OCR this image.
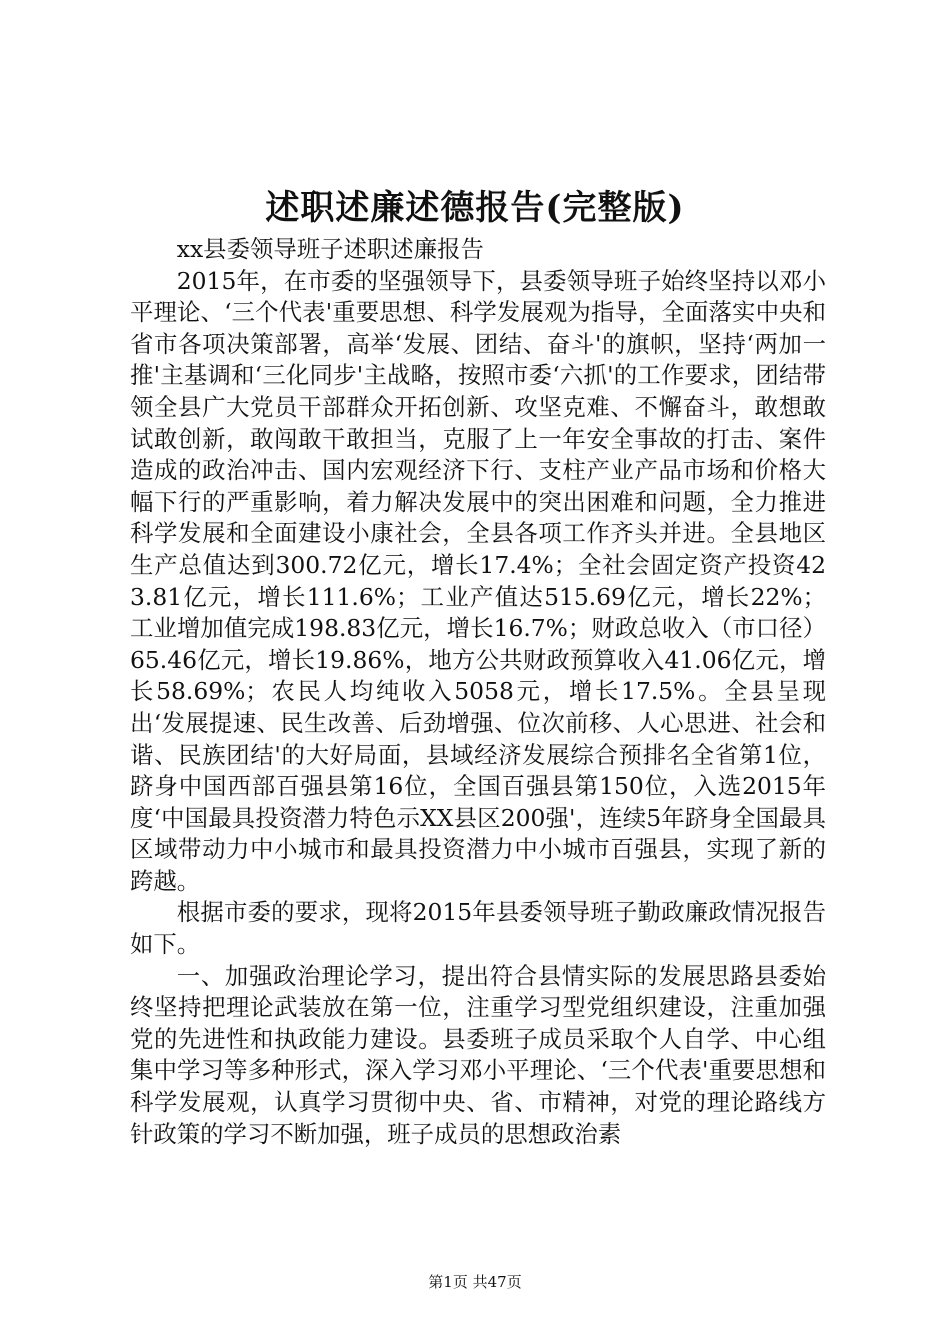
述职述廉述德报告(完整版)

xx县委领导班子述职述廉报告

2015年，在市委的坚强领导下，县委领导班子始终坚持以邓小平理论、‘三个代表'重要思想、科学发展观为指导，全面落实中央和省市各项决策部署，高举‘发展、团结、奋斗'的旗帜，坚持‘两加一推'主基调和‘三化同步'主战略，按照市委‘六抓'的工作要求，团结带领全县广大党员干部群众开拓创新、攻坚克难、不懈奋斗，敢想敢试敢创新，敢闯敢干敢担当，克服了上一年安全事故的打击、案件造成的政治冲击、国内宏观经济下行、支柱产业产品市场和价格大幅下行的严重影响，着力解决发展中的突出困难和问题，全力推进科学发展和全面建设小康社会，全县各项工作齐头并进。全县地区生产总值达到300.72亿元，增长17.4%；全社会固定资产投资423.81亿元，增长111.6%；工业产值达515.69亿元，增长22%；工业增加值完成198.83亿元，增长16.7%；财政总收入（市口径）65.46亿元，增长19.86%，地方公共财政预算收入41.06亿元，增长58.69%；农民人均纯收入5058元，增长17.5%。全县呈现出‘发展提速、民生改善、后劲增强、位次前移、人心思进、社会和谐、民族团结'的大好局面，县域经济发展综合预排名全省第1位，跻身中国西部百强县第16位，全国百强县第150位，入选2015年度‘中国最具投资潜力特色示XX县区200强'，连续5年跻身全国最具区域带动力中小城市和最具投资潜力中小城市百强县，实现了新的跨越。

根据市委的要求，现将2015年县委领导班子勤政廉政情况报告如下。

一、加强政治理论学习，提出符合县情实际的发展思路县委始终坚持把理论武装放在第一位，注重学习型党组织建设，注重加强党的先进性和执政能力建设。县委班子成员采取个人自学、中心组集中学习等多种形式，深入学习邓小平理论、‘三个代表'重要思想和科学发展观，认真学习贯彻中央、省、市精神，对党的理论路线方针政策的学习不断加强，班子成员的思想政治素

第1页 共47页
